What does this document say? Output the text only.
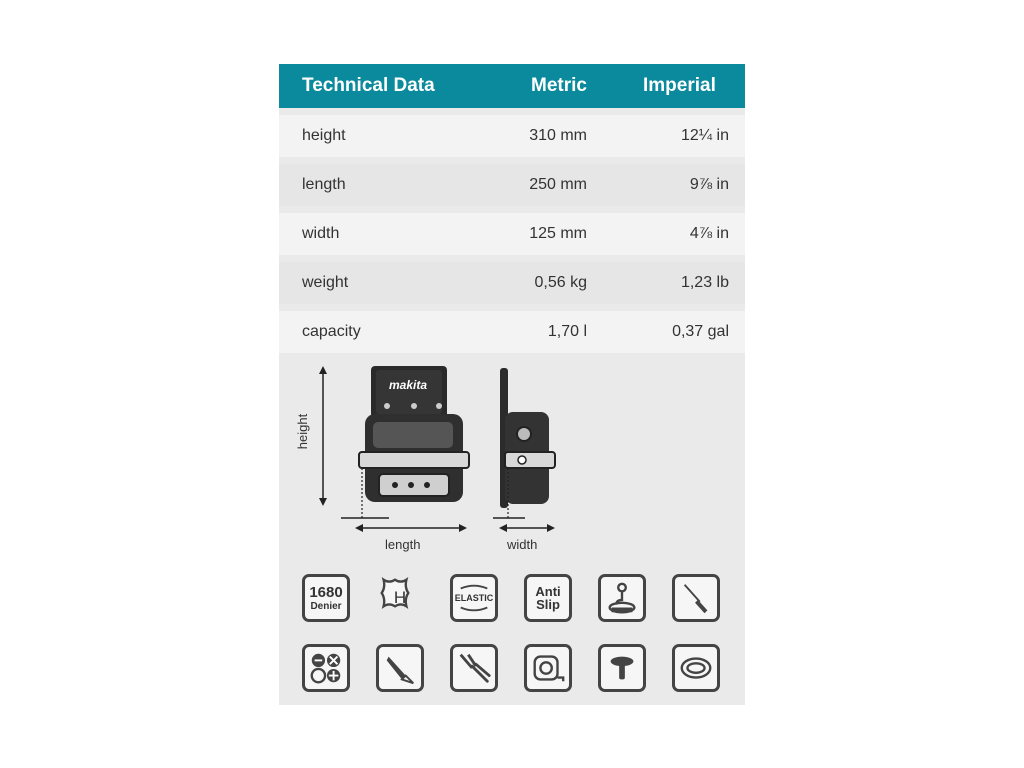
Technical Data	Metric	Imperial
height	310 mm	12¼ in
length	250 mm	9⅞ in
width	125 mm	4⅞ in
weight	0,56 kg	1,23 lb
capacity	1,70 l	0,37 gal
makita
height
length	width
1680
Denier	H	ELASTIC	Anti
Slip
